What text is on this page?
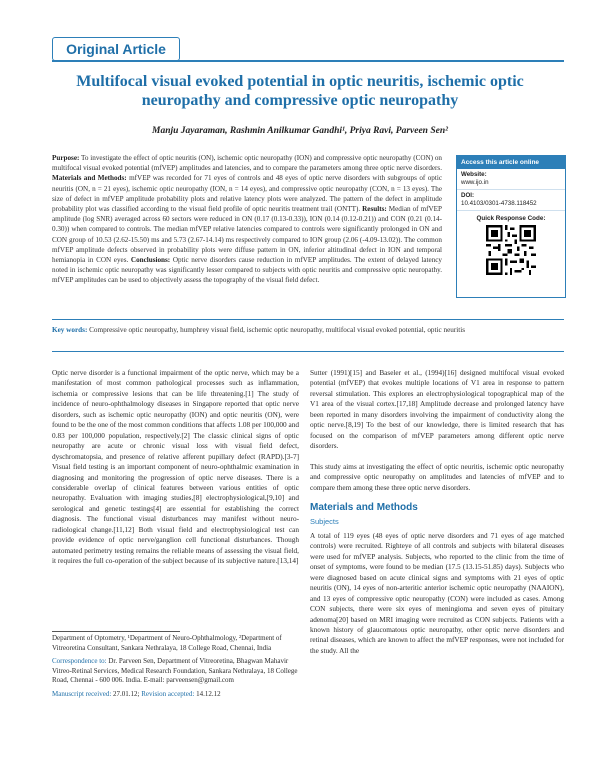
Original Article
Multifocal visual evoked potential in optic neuritis, ischemic optic neuropathy and compressive optic neuropathy
Manju Jayaraman, Rashmin Anilkumar Gandhi¹, Priya Ravi, Parveen Sen²
Purpose: To investigate the effect of optic neuritis (ON), ischemic optic neuropathy (ION) and compressive optic neuropathy (CON) on multifocal visual evoked potential (mfVEP) amplitudes and latencies, and to compare the parameters among three optic nerve disorders. Materials and Methods: mfVEP was recorded for 71 eyes of controls and 48 eyes of optic nerve disorders with subgroups of optic neuritis (ON, n = 21 eyes), ischemic optic neuropathy (ION, n = 14 eyes), and compressive optic neuropathy (CON, n = 13 eyes). The size of defect in mfVEP amplitude probability plots and relative latency plots were analyzed. The pattern of the defect in amplitude probability plot was classified according to the visual field profile of optic neuritis treatment trail (ONTT). Results: Median of mfVEP amplitude (log SNR) averaged across 60 sectors were reduced in ON (0.17 (0.13-0.33)), ION (0.14 (0.12-0.21)) and CON (0.21 (0.14-0.30)) when compared to controls. The median mfVEP relative latencies compared to controls were significantly prolonged in ON and CON group of 10.53 (2.62-15.50) ms and 5.73 (2.67-14.14) ms respectively compared to ION group (2.06 (-4.09-13.02)). The common mfVEP amplitude defects observed in probability plots were diffuse pattern in ON, inferior altitudinal defect in ION and temporal hemianopia in CON eyes. Conclusions: Optic nerve disorders cause reduction in mfVEP amplitudes. The extent of delayed latency noted in ischemic optic neuropathy was significantly lesser compared to subjects with optic neuritis and compressive optic neuropathy. mfVEP amplitudes can be used to objectively assess the topography of the visual field defect.
Access this article online
Website:
www.ijo.in
DOI:
10.4103/0301-4738.118452
Quick Response Code:
Key words: Compressive optic neuropathy, humphrey visual field, ischemic optic neuropathy, multifocal visual evoked potential, optic neuritis

Optic nerve disorder is a functional impairment of the optic nerve, which may be a manifestation of most common pathological processes such as inflammation, ischemia or compressive lesions that can be life threatening.[1] The study of incidence of neuro-ophthalmology diseases in Singapore reported that optic nerve disorders, such as ischemic optic neuropathy (ION) and optic neuritis (ON), were found to be the one of the most common conditions that affects 1.08 per 100,000 and 0.83 per 100,000 population, respectively.[2] The classic clinical signs of optic neuropathy are acute or chronic visual loss with visual field defect, dyschromatopsia, and presence of relative afferent pupillary defect (RAPD).[3-7] Visual field testing is an important component of neuro-ophthalmic examination in diagnosing and monitoring the progression of optic nerve diseases. There is a considerable overlap of clinical features between various entities of optic neuropathy. Evaluation with imaging studies,[8] electrophysiological,[9,10] and serological and genetic testings[4] are essential for establishing the correct diagnosis. The functional visual disturbances may manifest without neuro-radiological change.[11,12] Both visual field and electrophysiological test can provide evidence of optic nerve/ganglion cell functional disturbances. Though automated perimetry testing remains the reliable means of assessing the visual field, it requires the full co-operation of the subject because of its subjective nature.[13,14]

Department of Optometry, ¹Department of Neuro-Ophthalmology, ²Department of Vitreoretina Consultant, Sankara Nethralaya, 18 College Road, Chennai, India

Correspondence to: Dr. Parveen Sen, Department of Vitreoretina, Bhagwan Mahavir Vitreo-Retinal Services, Medical Research Foundation, Sankara Nethralaya, 18 College Road, Chennai - 600 006. India. E-mail: parveensen@gmail.com

Manuscript received: 27.01.12; Revision accepted: 14.12.12

Sutter (1991)[15] and Baseler et al., (1994)[16] designed multifocal visual evoked potential (mfVEP) that evokes multiple locations of V1 area in response to pattern reversal stimulation. This explores an electrophysiological topographical map of the V1 area of the visual cortex.[17,18] Amplitude decrease and prolonged latency have been reported in many disorders involving the impairment of conductivity along the optic nerve.[8,19] To the best of our knowledge, there is limited research that has focused on the comparison of mfVEP parameters among different optic nerve disorders.

This study aims at investigating the effect of optic neuritis, ischemic optic neuropathy and compressive optic neuropathy on amplitudes and latencies of mfVEP and to compare them among these three optic nerve disorders.

Materials and Methods
Subjects

A total of 119 eyes (48 eyes of optic nerve disorders and 71 eyes of age matched controls) were recruited. Righteye of all controls and subjects with bilateral diseases were used for mfVEP analysis. Subjects, who reported to the clinic from the time of onset of symptoms, were found to be median (17.5 (13.15-51.85) days). Subjects who were diagnosed based on acute clinical signs and symptoms with 21 eyes of optic neuritis (ON), 14 eyes of non-arteritic anterior ischemic optic neuropathy (NAAION), and 13 eyes of compressive optic neuropathy (CON) were included as cases. Among CON subjects, there were six eyes of meningioma and seven eyes of pituitary adenoma[20] based on MRI imaging were recruited as CON subjects. Patients with a known history of glaucomatous optic neuropathy, other optic nerve disorders and retinal diseases, which are known to affect the mfVEP responses, were not included for the study. All the
